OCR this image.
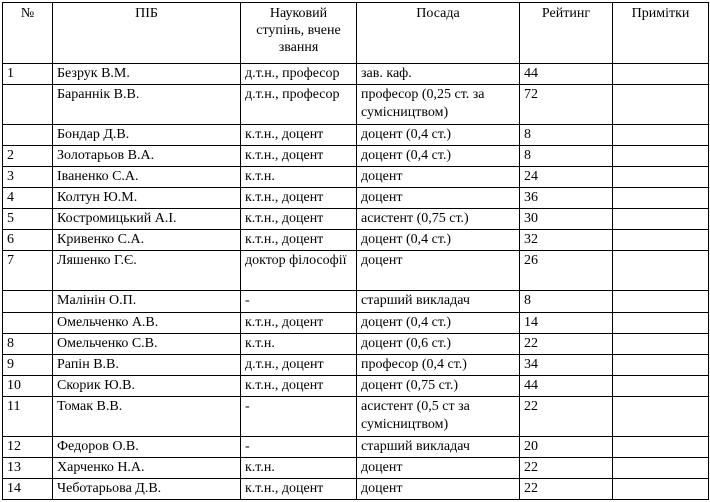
№	ПІБ	Науковий ступінь, вчене звання	Посада	Рейтинг	Примітки
1	Безрук В.М.	д.т.н., професор	зав. каф.	44	
	Бараннік В.В.	д.т.н., професор	професор (0,25 ст. за сумісництвом)	72	
	Бондар Д.В.	к.т.н., доцент	доцент (0,4 ст.)	8	
2	Золотарьов В.А.	к.т.н., доцент	доцент (0,4 ст.)	8	
3	Іваненко С.А.	к.т.н.	доцент	24	
4	Колтун Ю.М.	к.т.н., доцент	доцент	36	
5	Костромицький А.І.	к.т.н., доцент	асистент (0,75 ст.)	30	
6	Кривенко С.А.	к.т.н., доцент	доцент (0,4 ст.)	32	
7	Ляшенко Г.Є.	доктор філософії	доцент	26	
	Малінін О.П.	-	старший викладач	8	
	Омельченко А.В.	к.т.н., доцент	доцент (0,4 ст.)	14	
8	Омельченко С.В.	к.т.н.	доцент (0,6 ст.)	22	
9	Рапін В.В.	д.т.н., доцент	професор (0,4 ст.)	34	
10	Скорик Ю.В.	к.т.н., доцент	доцент (0,75 ст.)	44	
11	Томак В.В.	-	асистент (0,5 ст за сумісництвом)	22	
12	Федоров О.В.	-	старший викладач	20	
13	Харченко Н.А.	к.т.н.	доцент	22	
14	Чеботарьова Д.В.	к.т.н., доцент	доцент	22	
